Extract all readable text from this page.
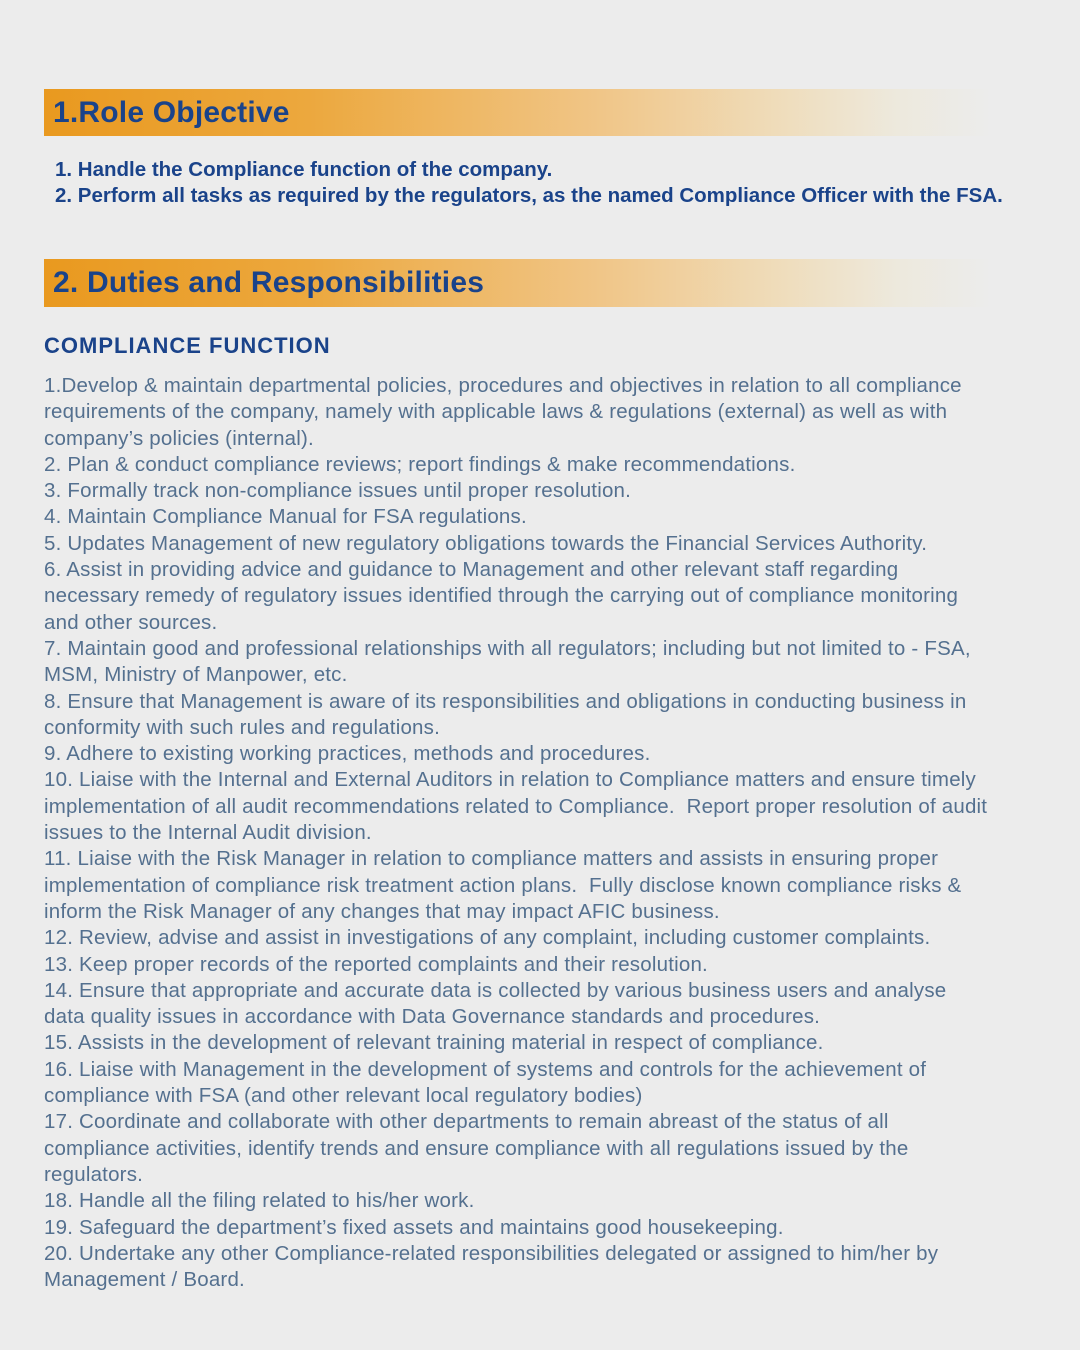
1.Role Objective

1. Handle the Compliance function of the company.

2. Perform all tasks as required by the regulators, as the named Compliance Officer with the FSA.

2. Duties and Responsibilities
COMPLIANCE FUNCTION

1.Develop & maintain departmental policies, procedures and objectives in relation to all compliance requirements of the company, namely with applicable laws & regulations (external) as well as with company’s policies (internal).

2. Plan & conduct compliance reviews; report findings & make recommendations.

3. Formally track non-compliance issues until proper resolution.

4. Maintain Compliance Manual for FSA regulations.

5. Updates Management of new regulatory obligations towards the Financial Services Authority.

6. Assist in providing advice and guidance to Management and other relevant staff regarding necessary remedy of regulatory issues identified through the carrying out of compliance monitoring and other sources.

7. Maintain good and professional relationships with all regulators; including but not limited to - FSA, MSM, Ministry of Manpower, etc.

8. Ensure that Management is aware of its responsibilities and obligations in conducting business in conformity with such rules and regulations.

9. Adhere to existing working practices, methods and procedures.

10. Liaise with the Internal and External Auditors in relation to Compliance matters and ensure timely implementation of all audit recommendations related to Compliance.  Report proper resolution of audit issues to the Internal Audit division.

11. Liaise with the Risk Manager in relation to compliance matters and assists in ensuring proper implementation of compliance risk treatment action plans.  Fully disclose known compliance risks & inform the Risk Manager of any changes that may impact AFIC business.

12. Review, advise and assist in investigations of any complaint, including customer complaints.

13. Keep proper records of the reported complaints and their resolution.

14. Ensure that appropriate and accurate data is collected by various business users and analyse data quality issues in accordance with Data Governance standards and procedures.

15. Assists in the development of relevant training material in respect of compliance.

16. Liaise with Management in the development of systems and controls for the achievement of compliance with FSA (and other relevant local regulatory bodies)

17. Coordinate and collaborate with other departments to remain abreast of the status of all compliance activities, identify trends and ensure compliance with all regulations issued by the regulators.

18. Handle all the filing related to his/her work.

19. Safeguard the department’s fixed assets and maintains good housekeeping.

20. Undertake any other Compliance-related responsibilities delegated or assigned to him/her by Management / Board.
